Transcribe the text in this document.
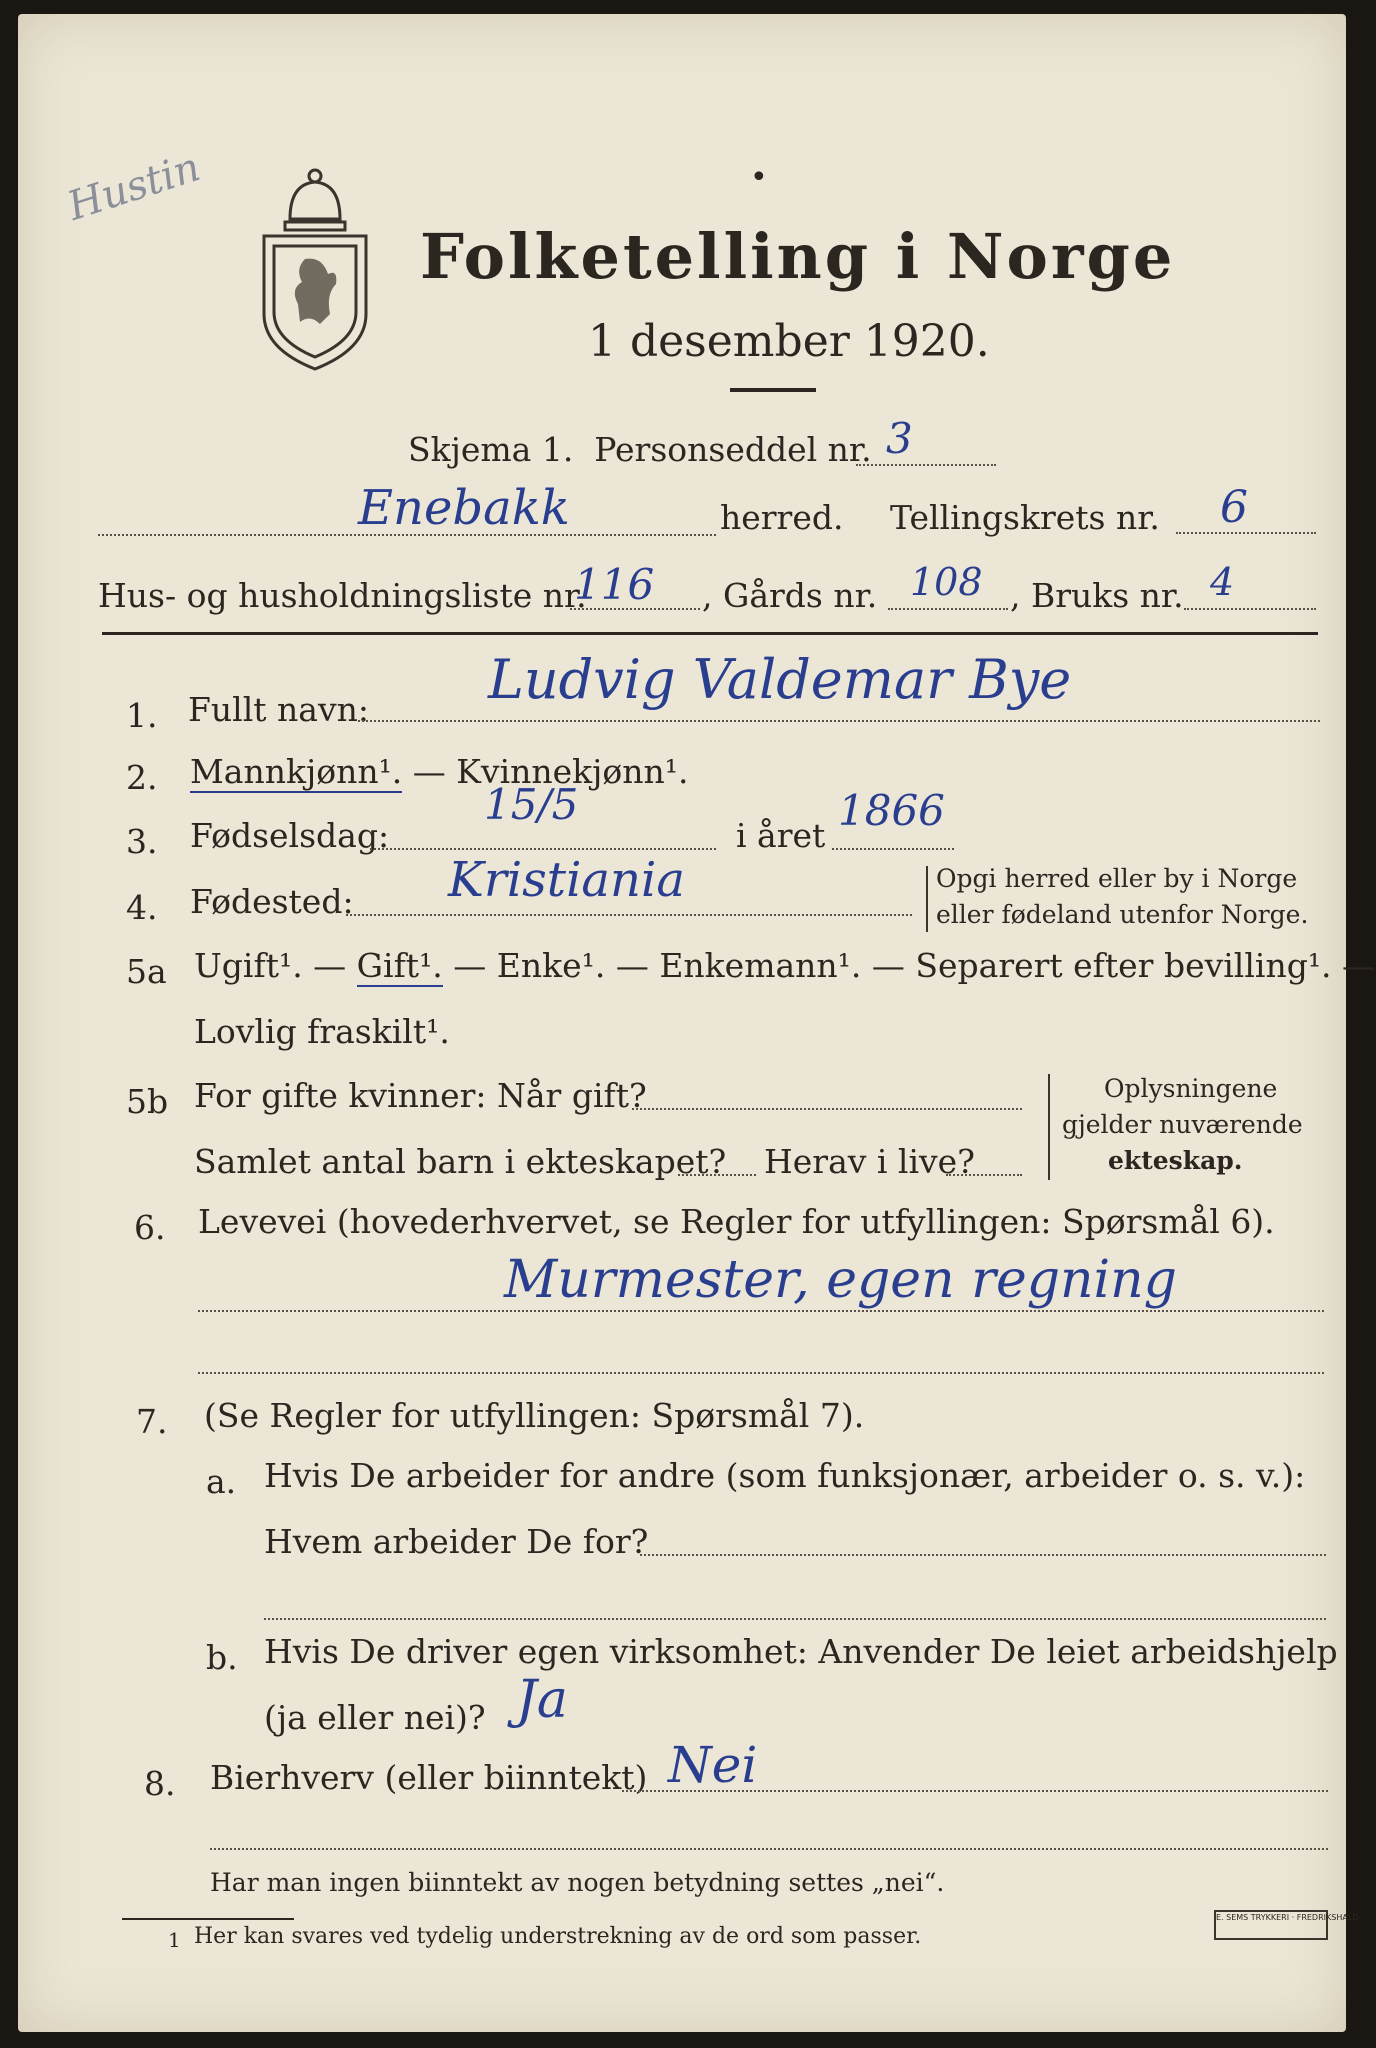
Hustin
Folketelling i Norge
1 desember 1920.
•
Skjema 1. Personseddel nr. 3
Enebakk	herred. Tellingskrets nr. 6
Hus- og husholdningsliste nr.
116 , Gårds nr. 108 , Bruks nr. 4
1. Fullt navn: Ludvig Valdemar Bye
2. Mannkjønn¹. — Kvinnekjønn¹.
3. Fødselsdag:
15/5
i året
1866
4. Fødested: Kristiania	Opgi herred eller by i Norge
eller fødeland utenfor Norge.
5a Ugift¹. — Gift¹. — Enke¹. — Enkemann¹. — Separert efter bevilling¹. —
Lovlig fraskilt¹.
5b For gifte kvinner: Når gift?
Samlet antal barn i ekteskapet? Herav i live?
Oplysningene
gjelder nuværende
ekteskap.
6. Levevei (hovederhvervet, se Regler for utfyllingen: Spørsmål 6).
Murmester, egen regning
7. (Se Regler for utfyllingen: Spørsmål 7).
a. Hvis De arbeider for andre (som funksjonær, arbeider o. s. v.):
Hvem arbeider De for?
b. Hvis De driver egen virksomhet: Anvender De leiet arbeidshjelp
(ja eller nei)? Ja
8. Bierhverv (eller biinntekt) Nei
Har man ingen biinntekt av nogen betydning settes „nei“.
1 Her kan svares ved tydelig understrekning av de ord som passer.
E. SEMS TRYKKERI · FREDRIKSHALD
